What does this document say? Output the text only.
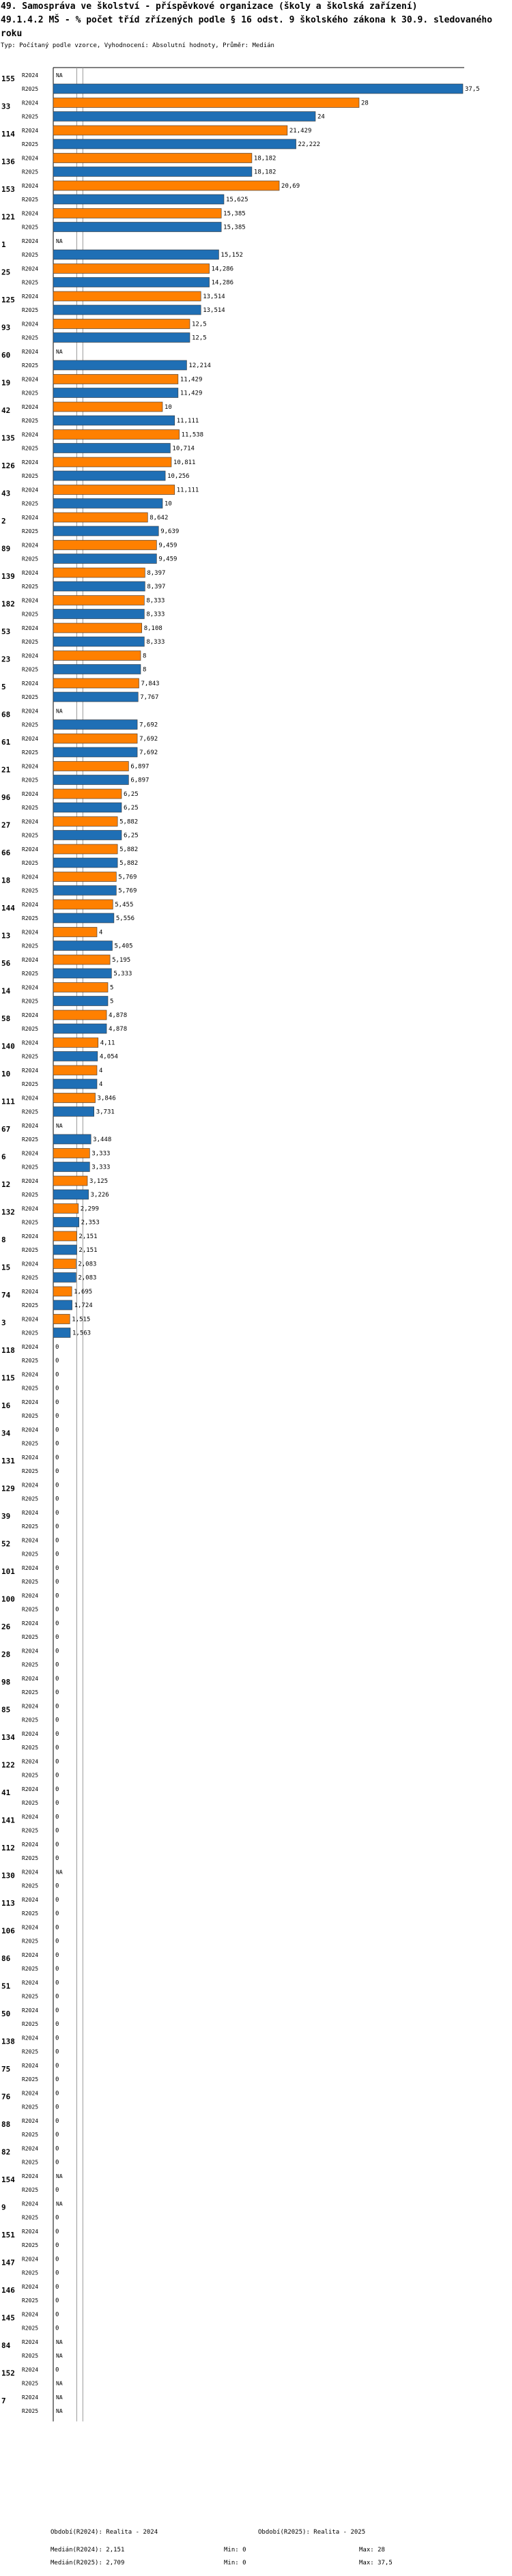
49. Samospráva ve školství - příspěvkové organizace (školy a školská zařízení)
49.1.4.2 MŠ - % počet tříd zřízených podle § 16 odst. 9 školského zákona k 30.9. sledovaného roku
Typ: Počítaný podle vzorce, Vyhodnocení: Absolutní hodnoty, Průměr: Medián
155 R2024	NA
R2025	37,5
33 R2024	28
R2025	24
114 R2024	21,429
R2025	22,222
136 R2024	18,182
R2025	18,182
153 R2024	20,69
R2025	15,625
121 R2024	15,385
R2025	15,385
1	R2024	NA
R2025	15,152
25 R2024	14,286
R2025	14,286
125 R2024	13,514
R2025	13,514
93 R2024	12,5
R2025	12,5
60 R2024	NA
R2025	12,214
19 R2024	11,429
R2025	11,429
42 R2024	10
R2025	11,111
135 R2024	11,538
R2025	10,714
126 R2024	10,811
R2025	10,256
43 R2024	11,111
R2025	10
2	R2024	8,642
R2025	9,639
89 R2024	9,459
R2025	9,459
139 R2024	8,397
R2025	8,397
182 R2024	8,333
R2025	8,333
53 R2024	8,108
R2025	8,333
23 R2024	8
R2025	8
5	R2024	7,843
R2025	7,767
68 R2024	NA
R2025	7,692
61 R2024	7,692
R2025	7,692
21 R2024	6,897
R2025	6,897
96 R2024	6,25
R2025	6,25
27 R2024	5,882
R2025	6,25
66 R2024	5,882
R2025	5,882
18 R2024	5,769
R2025	5,769
144 R2024	5,455
R2025	5,556
13 R2024	4
R2025	5,405
56 R2024	5,195
R2025	5,333
14 R2024	5
R2025	5
58 R2024	4,878
R2025	4,878
140 R2024	4,11
R2025	4,054
10 R2024	4
R2025	4
111 R2024	3,846
R2025	3,731
67 R2024	NA
R2025	3,448
6	R2024	3,333
R2025	3,333
12 R2024	3,125
R2025	3,226
132 R2024	2,299
R2025	2,353
8	R2024	2,151
R2025	2,151
15 R2024	2,083
R2025	2,083
74 R2024	1,695
R2025	1,724
3	R2024	1,515
R2025	1,563
118 R2024	0
R2025	0
115 R2024	0
R2025	0
16 R2024	0
R2025	0
34 R2024	0
R2025	0
131 R2024	0
R2025	0
129 R2024	0
R2025	0
39 R2024	0
R2025	0
52 R2024	0
R2025	0
101 R2024	0
R2025	0
100 R2024	0
R2025	0
26 R2024	0
R2025	0
28 R2024	0
R2025	0
98 R2024	0
R2025	0
85 R2024	0
R2025	0
134 R2024	0
R2025	0
122 R2024	0
R2025	0
41 R2024	0
R2025	0
141 R2024	0
R2025	0
112 R2024	0
R2025	0
130 R2024	NA
R2025	0
113 R2024	0
R2025	0
106 R2024	0
R2025	0
86 R2024	0
R2025	0
51 R2024	0
R2025	0
50 R2024	0
R2025	0
138 R2024	0
R2025	0
75 R2024	0
R2025	0
76 R2024	0
R2025	0
88 R2024	0
R2025	0
82 R2024	0
R2025	0
154 R2024	NA
R2025	0
9	R2024	NA
R2025	0
151 R2024	0
R2025	0
147 R2024	0
R2025	0
146 R2024	0
R2025	0
145 R2024	0
R2025	0
84 R2024	NA
R2025	NA
152 R2024	0
R2025	NA
7	R2024	NA
R2025	NA
Období(R2024): Realita - 2024	Období(R2025): Realita - 2025
Medián(R2024): 2,151	Min: 0	Max: 28
Medián(R2025): 2,709	Min: 0	Max: 37,5
